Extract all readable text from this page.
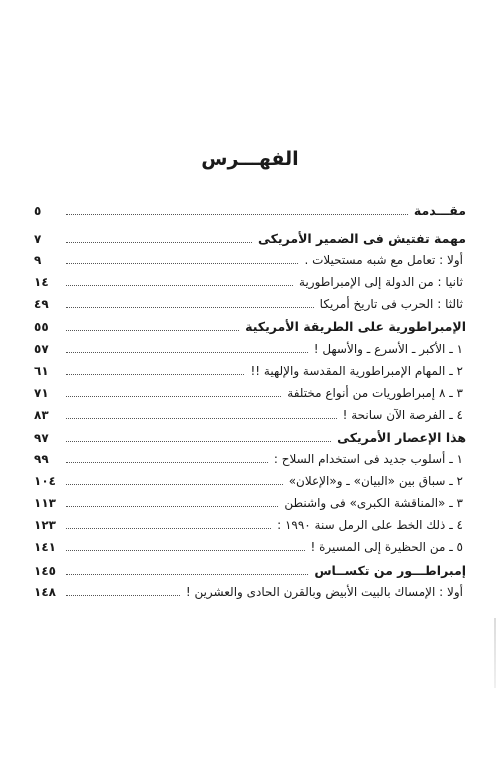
الفهـــرس
مقـــدمة
٥
مهمة تفتيش فى الضمير الأمريكى
٧
أولا : تعامل مع شبه مستحيلات .
٩
ثانيا : من الدولة إلى الإمبراطورية
١٤
ثالثا : الحرب فى تاريخ أمريكا
٤٩
الإمبراطورية على الطريقة الأمريكية
٥٥
١ ـ الأكبر ـ الأسرع ـ والأسهل !
٥٧
٢ ـ المهام الإمبراطورية المقدسة والإلهية !!
٦١
٣ ـ ٨ إمبراطوريات من أنواع مختلفة
٧١
٤ ـ الفرصة الآن سانحة !
٨٣
هذا الإعصار الأمريكى
٩٧
١ ـ أسلوب جديد فى استخدام السلاح :
٩٩
٢ ـ سباق بين «البيان» ـ و«الإعلان»
١٠٤
٣ ـ «المناقشة الكبرى» فى واشنطن
١١٣
٤ ـ ذلك الخط على الرمل سنة ١٩٩٠ :
١٢٣
٥ ـ من الحظيرة إلى المسيرة !
١٤١
إمبراطـــور من تكســاس
١٤٥
أولا : الإمساك بالبيت الأبيض وبالقرن الحادى والعشرين !
١٤٨
